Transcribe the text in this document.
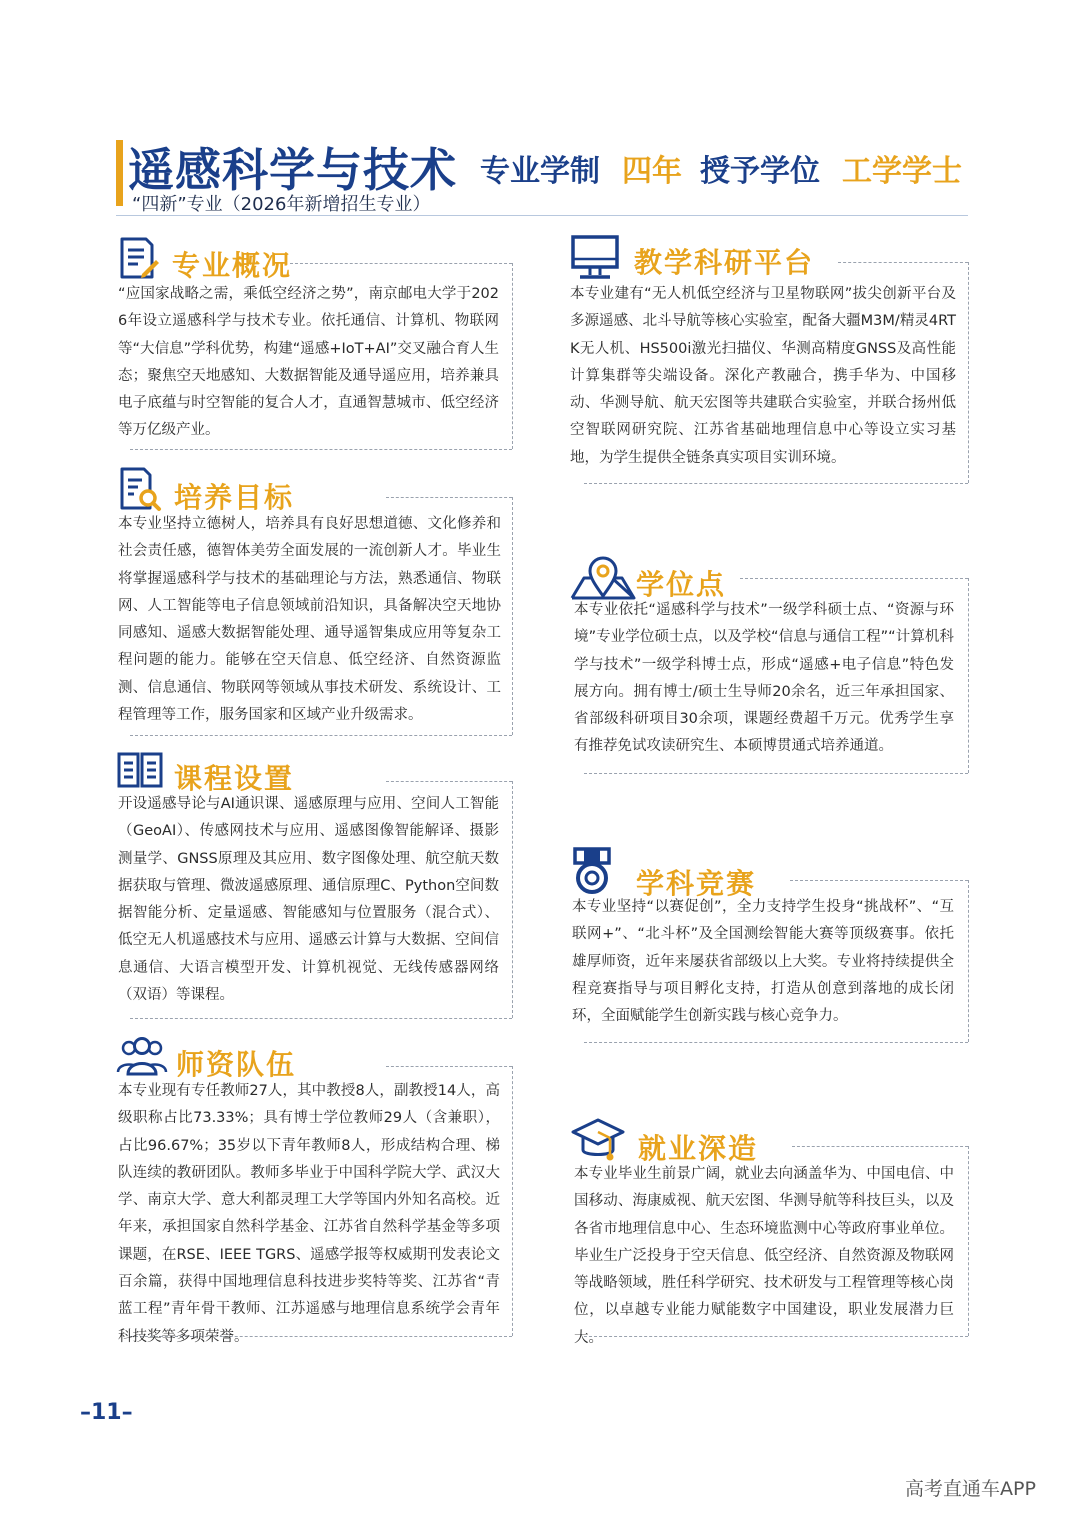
遥感科学与技术 专业学制 四年 授予学位 工学学士
“四新”专业（2026年新增招生专业）
专业概况
“应国家战略之需，乘低空经济之势”，南京邮电大学于2026年设立遥感科学与技术专业。依托通信、计算机、物联网等“大信息”学科优势，构建“遥感+IoT+AI”交叉融合育人生态；聚焦空天地感知、大数据智能及通导遥应用，培养兼具电子底蕴与时空智能的复合人才，直通智慧城市、低空经济等万亿级产业。
培养目标
本专业坚持立德树人，培养具有良好思想道德、文化修养和社会责任感，德智体美劳全面发展的一流创新人才。毕业生将掌握遥感科学与技术的基础理论与方法，熟悉通信、物联网、人工智能等电子信息领域前沿知识，具备解决空天地协同感知、遥感大数据智能处理、通导遥智集成应用等复杂工程问题的能力。能够在空天信息、低空经济、自然资源监测、信息通信、物联网等领域从事技术研发、系统设计、工程管理等工作，服务国家和区域产业升级需求。
课程设置
开设遥感导论与AI通识课、遥感原理与应用、空间人工智能（GeoAI）、传感网技术与应用、遥感图像智能解译、摄影测量学、GNSS原理及其应用、数字图像处理、航空航天数据获取与管理、微波遥感原理、通信原理C、Python空间数据智能分析、定量遥感、智能感知与位置服务（混合式）、低空无人机遥感技术与应用、遥感云计算与大数据、空间信息通信、大语言模型开发、计算机视觉、无线传感器网络（双语）等课程。
师资队伍
本专业现有专任教师27人，其中教授8人，副教授14人，高级职称占比73.33%；具有博士学位教师29人（含兼职），占比96.67%；35岁以下青年教师8人，形成结构合理、梯队连续的教研团队。教师多毕业于中国科学院大学、武汉大学、南京大学、意大利都灵理工大学等国内外知名高校。近年来，承担国家自然科学基金、江苏省自然科学基金等多项课题，在RSE、IEEE TGRS、遥感学报等权威期刊发表论文百余篇，获得中国地理信息科技进步奖特等奖、江苏省“青蓝工程”青年骨干教师、江苏遥感与地理信息系统学会青年科技奖等多项荣誉。
教学科研平台
本专业建有“无人机低空经济与卫星物联网”拔尖创新平台及多源遥感、北斗导航等核心实验室，配备大疆M3M/精灵4RTK无人机、HS500i激光扫描仪、华测高精度GNSS及高性能计算集群等尖端设备。深化产教融合，携手华为、中国移动、华测导航、航天宏图等共建联合实验室，并联合扬州低空智联网研究院、江苏省基础地理信息中心等设立实习基地，为学生提供全链条真实项目实训环境。
学位点
本专业依托“遥感科学与技术”一级学科硕士点、“资源与环境”专业学位硕士点，以及学校“信息与通信工程”“计算机科学与技术”一级学科博士点，形成“遥感+电子信息”特色发展方向。拥有博士/硕士生导师20余名，近三年承担国家、省部级科研项目30余项，课题经费超千万元。优秀学生享有推荐免试攻读研究生、本硕博贯通式培养通道。
学科竞赛
本专业坚持“以赛促创”，全力支持学生投身“挑战杯”、“互联网+”、“北斗杯”及全国测绘智能大赛等顶级赛事。依托雄厚师资，近年来屡获省部级以上大奖。专业将持续提供全程竞赛指导与项目孵化支持，打造从创意到落地的成长闭环，全面赋能学生创新实践与核心竞争力。
就业深造
本专业毕业生前景广阔，就业去向涵盖华为、中国电信、中国移动、海康威视、航天宏图、华测导航等科技巨头，以及各省市地理信息中心、生态环境监测中心等政府事业单位。毕业生广泛投身于空天信息、低空经济、自然资源及物联网等战略领域，胜任科学研究、技术研发与工程管理等核心岗位，以卓越专业能力赋能数字中国建设，职业发展潜力巨大。
–11–
高考直通车APP
